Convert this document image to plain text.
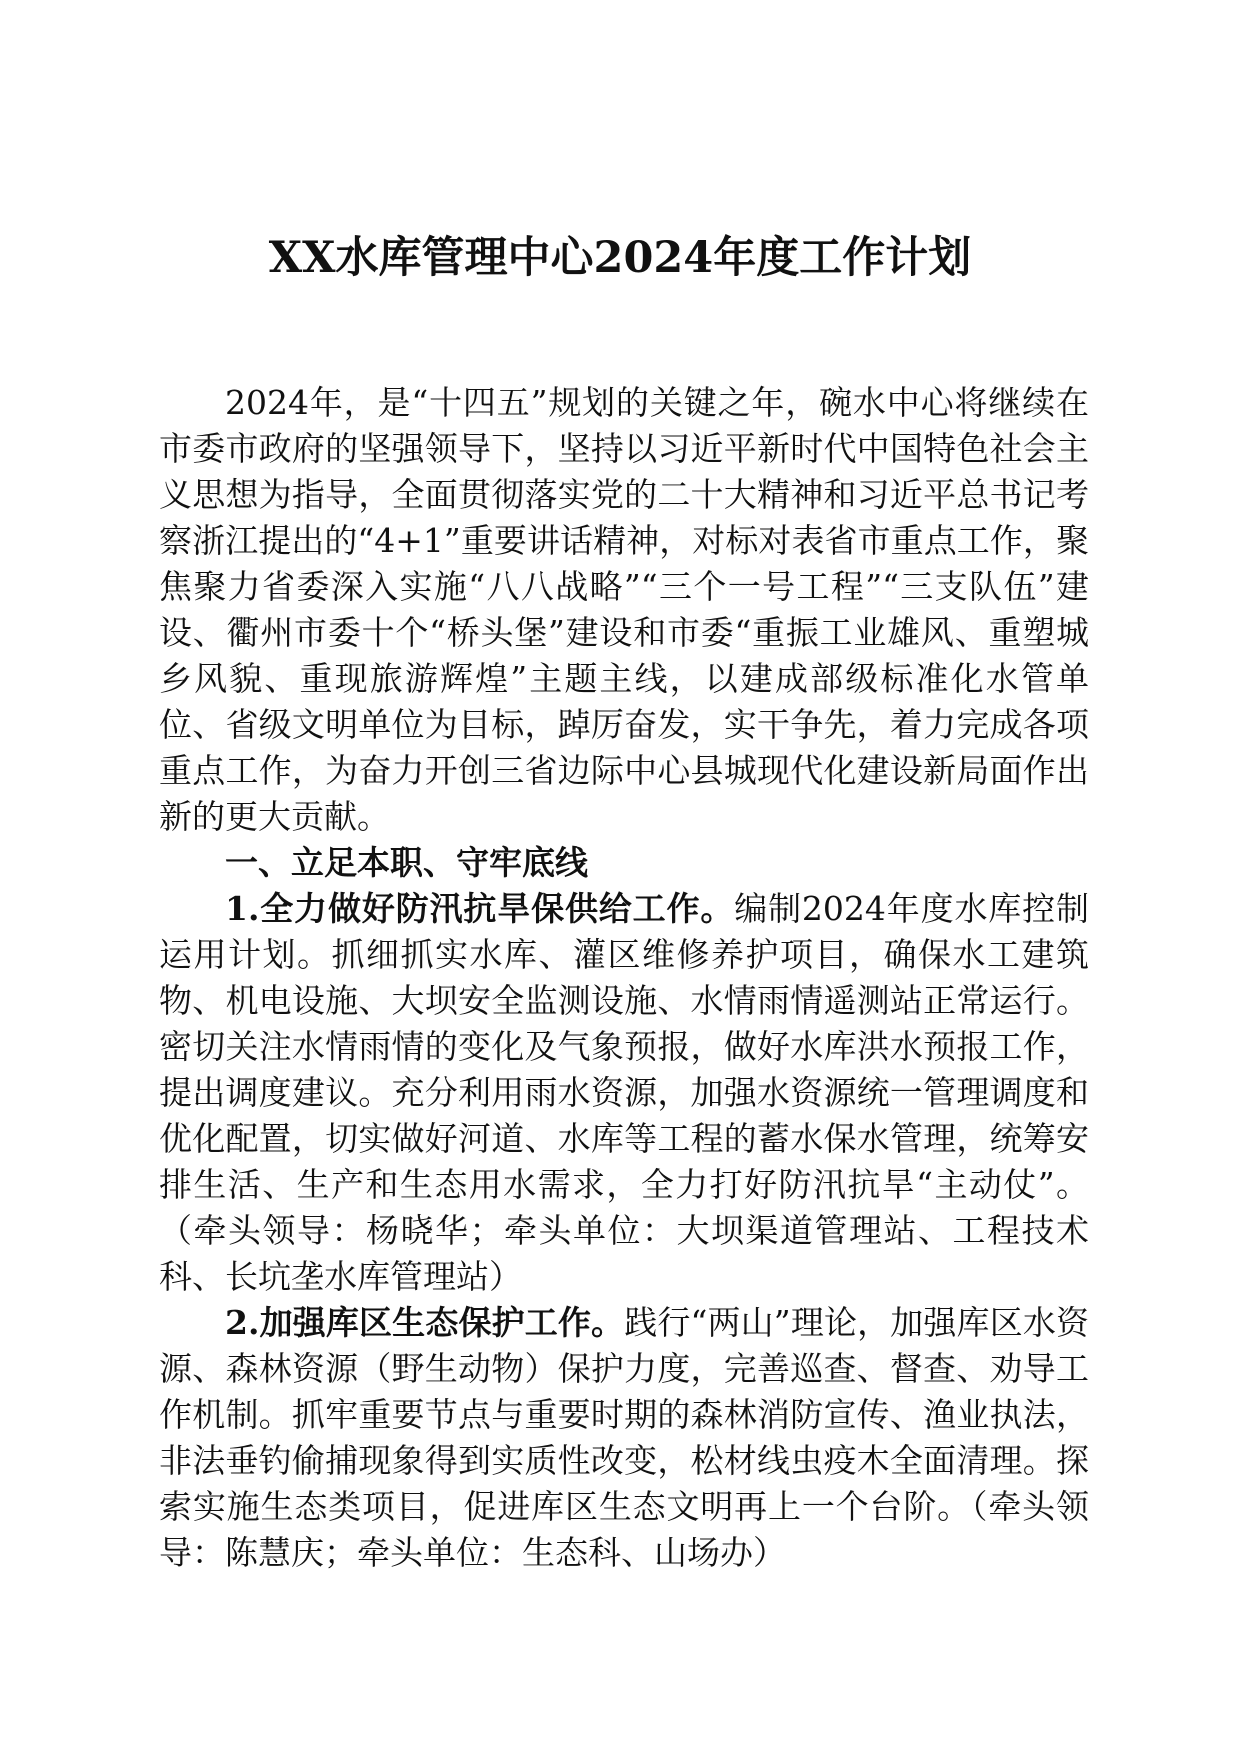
XX水库管理中心2024年度工作计划

2024年，是“十四五”规划的关键之年，碗水中心将继续在市委市政府的坚强领导下，坚持以习近平新时代中国特色社会主义思想为指导，全面贯彻落实党的二十大精神和习近平总书记考察浙江提出的“4+1”重要讲话精神，对标对表省市重点工作，聚焦聚力省委深入实施“八八战略”“三个一号工程”“三支队伍”建设、衢州市委十个“桥头堡”建设和市委“重振工业雄风、重塑城乡风貌、重现旅游辉煌”主题主线，以建成部级标准化水管单位、省级文明单位为目标，踔厉奋发，实干争先，着力完成各项重点工作，为奋力开创三省边际中心县城现代化建设新局面作出新的更大贡献。

一、立足本职、守牢底线

1.全力做好防汛抗旱保供给工作。编制2024年度水库控制运用计划。抓细抓实水库、灌区维修养护项目，确保水工建筑物、机电设施、大坝安全监测设施、水情雨情遥测站正常运行。密切关注水情雨情的变化及气象预报，做好水库洪水预报工作，提出调度建议。充分利用雨水资源，加强水资源统一管理调度和优化配置，切实做好河道、水库等工程的蓄水保水管理，统筹安排生活、生产和生态用水需求，全力打好防汛抗旱“主动仗”。（牵头领导：杨晓华；牵头单位：大坝渠道管理站、工程技术科、长坑垄水库管理站）

2.加强库区生态保护工作。践行“两山”理论，加强库区水资源、森林资源（野生动物）保护力度，完善巡查、督查、劝导工作机制。抓牢重要节点与重要时期的森林消防宣传、渔业执法，非法垂钓偷捕现象得到实质性改变，松材线虫疫木全面清理。探索实施生态类项目，促进库区生态文明再上一个台阶。（牵头领导：陈慧庆；牵头单位：生态科、山场办）
